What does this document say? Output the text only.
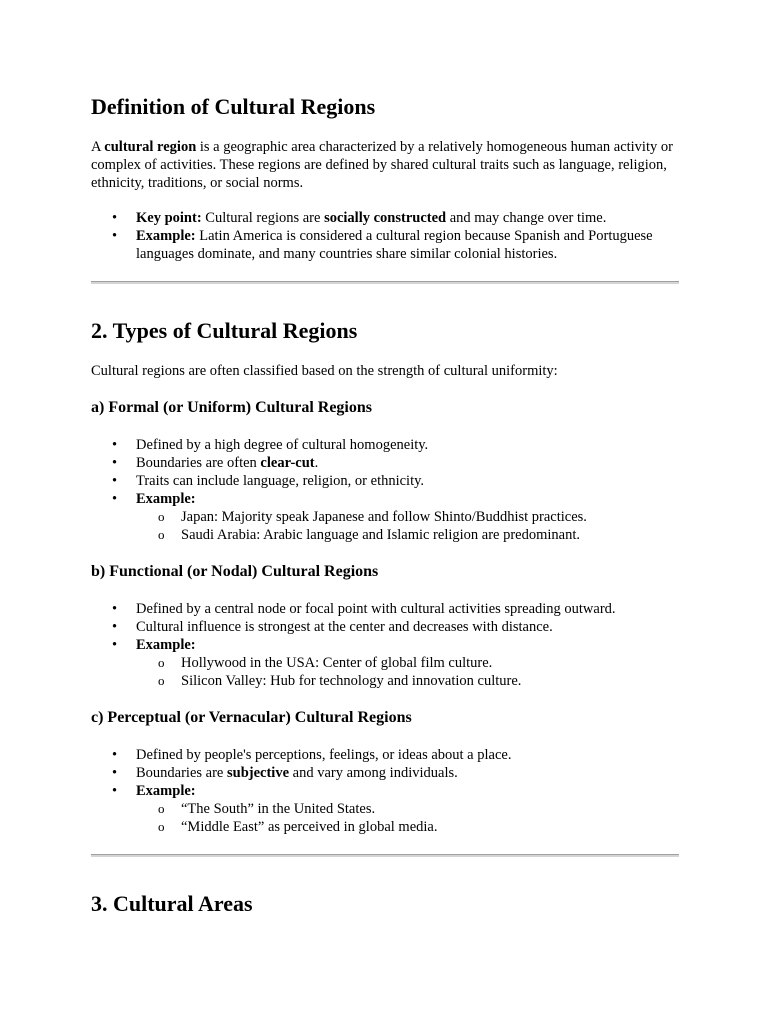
Definition of Cultural Regions

A cultural region is a geographic area characterized by a relatively homogeneous human activity or complex of activities. These regions are defined by shared cultural traits such as language, religion, ethnicity, traditions, or social norms.

•	Key point: Cultural regions are socially constructed and may change over time.
•	Example: Latin America is considered a cultural region because Spanish and Portuguese languages dominate, and many countries share similar colonial histories.
2. Types of Cultural Regions

Cultural regions are often classified based on the strength of cultural uniformity:

a) Formal (or Uniform) Cultural Regions
•	Defined by a high degree of cultural homogeneity.
•	Boundaries are often clear-cut.
•	Traits can include language, religion, or ethnicity.
•	Example:
o Japan: Majority speak Japanese and follow Shinto/Buddhist practices.
o Saudi Arabia: Arabic language and Islamic religion are predominant.
b) Functional (or Nodal) Cultural Regions
•	Defined by a central node or focal point with cultural activities spreading outward.
•	Cultural influence is strongest at the center and decreases with distance.
•	Example:
o Hollywood in the USA: Center of global film culture.
o Silicon Valley: Hub for technology and innovation culture.
c) Perceptual (or Vernacular) Cultural Regions
•	Defined by people's perceptions, feelings, or ideas about a place.
•	Boundaries are subjective and vary among individuals.
•	Example:
o “The South” in the United States.
o “Middle East” as perceived in global media.
3. Cultural Areas
